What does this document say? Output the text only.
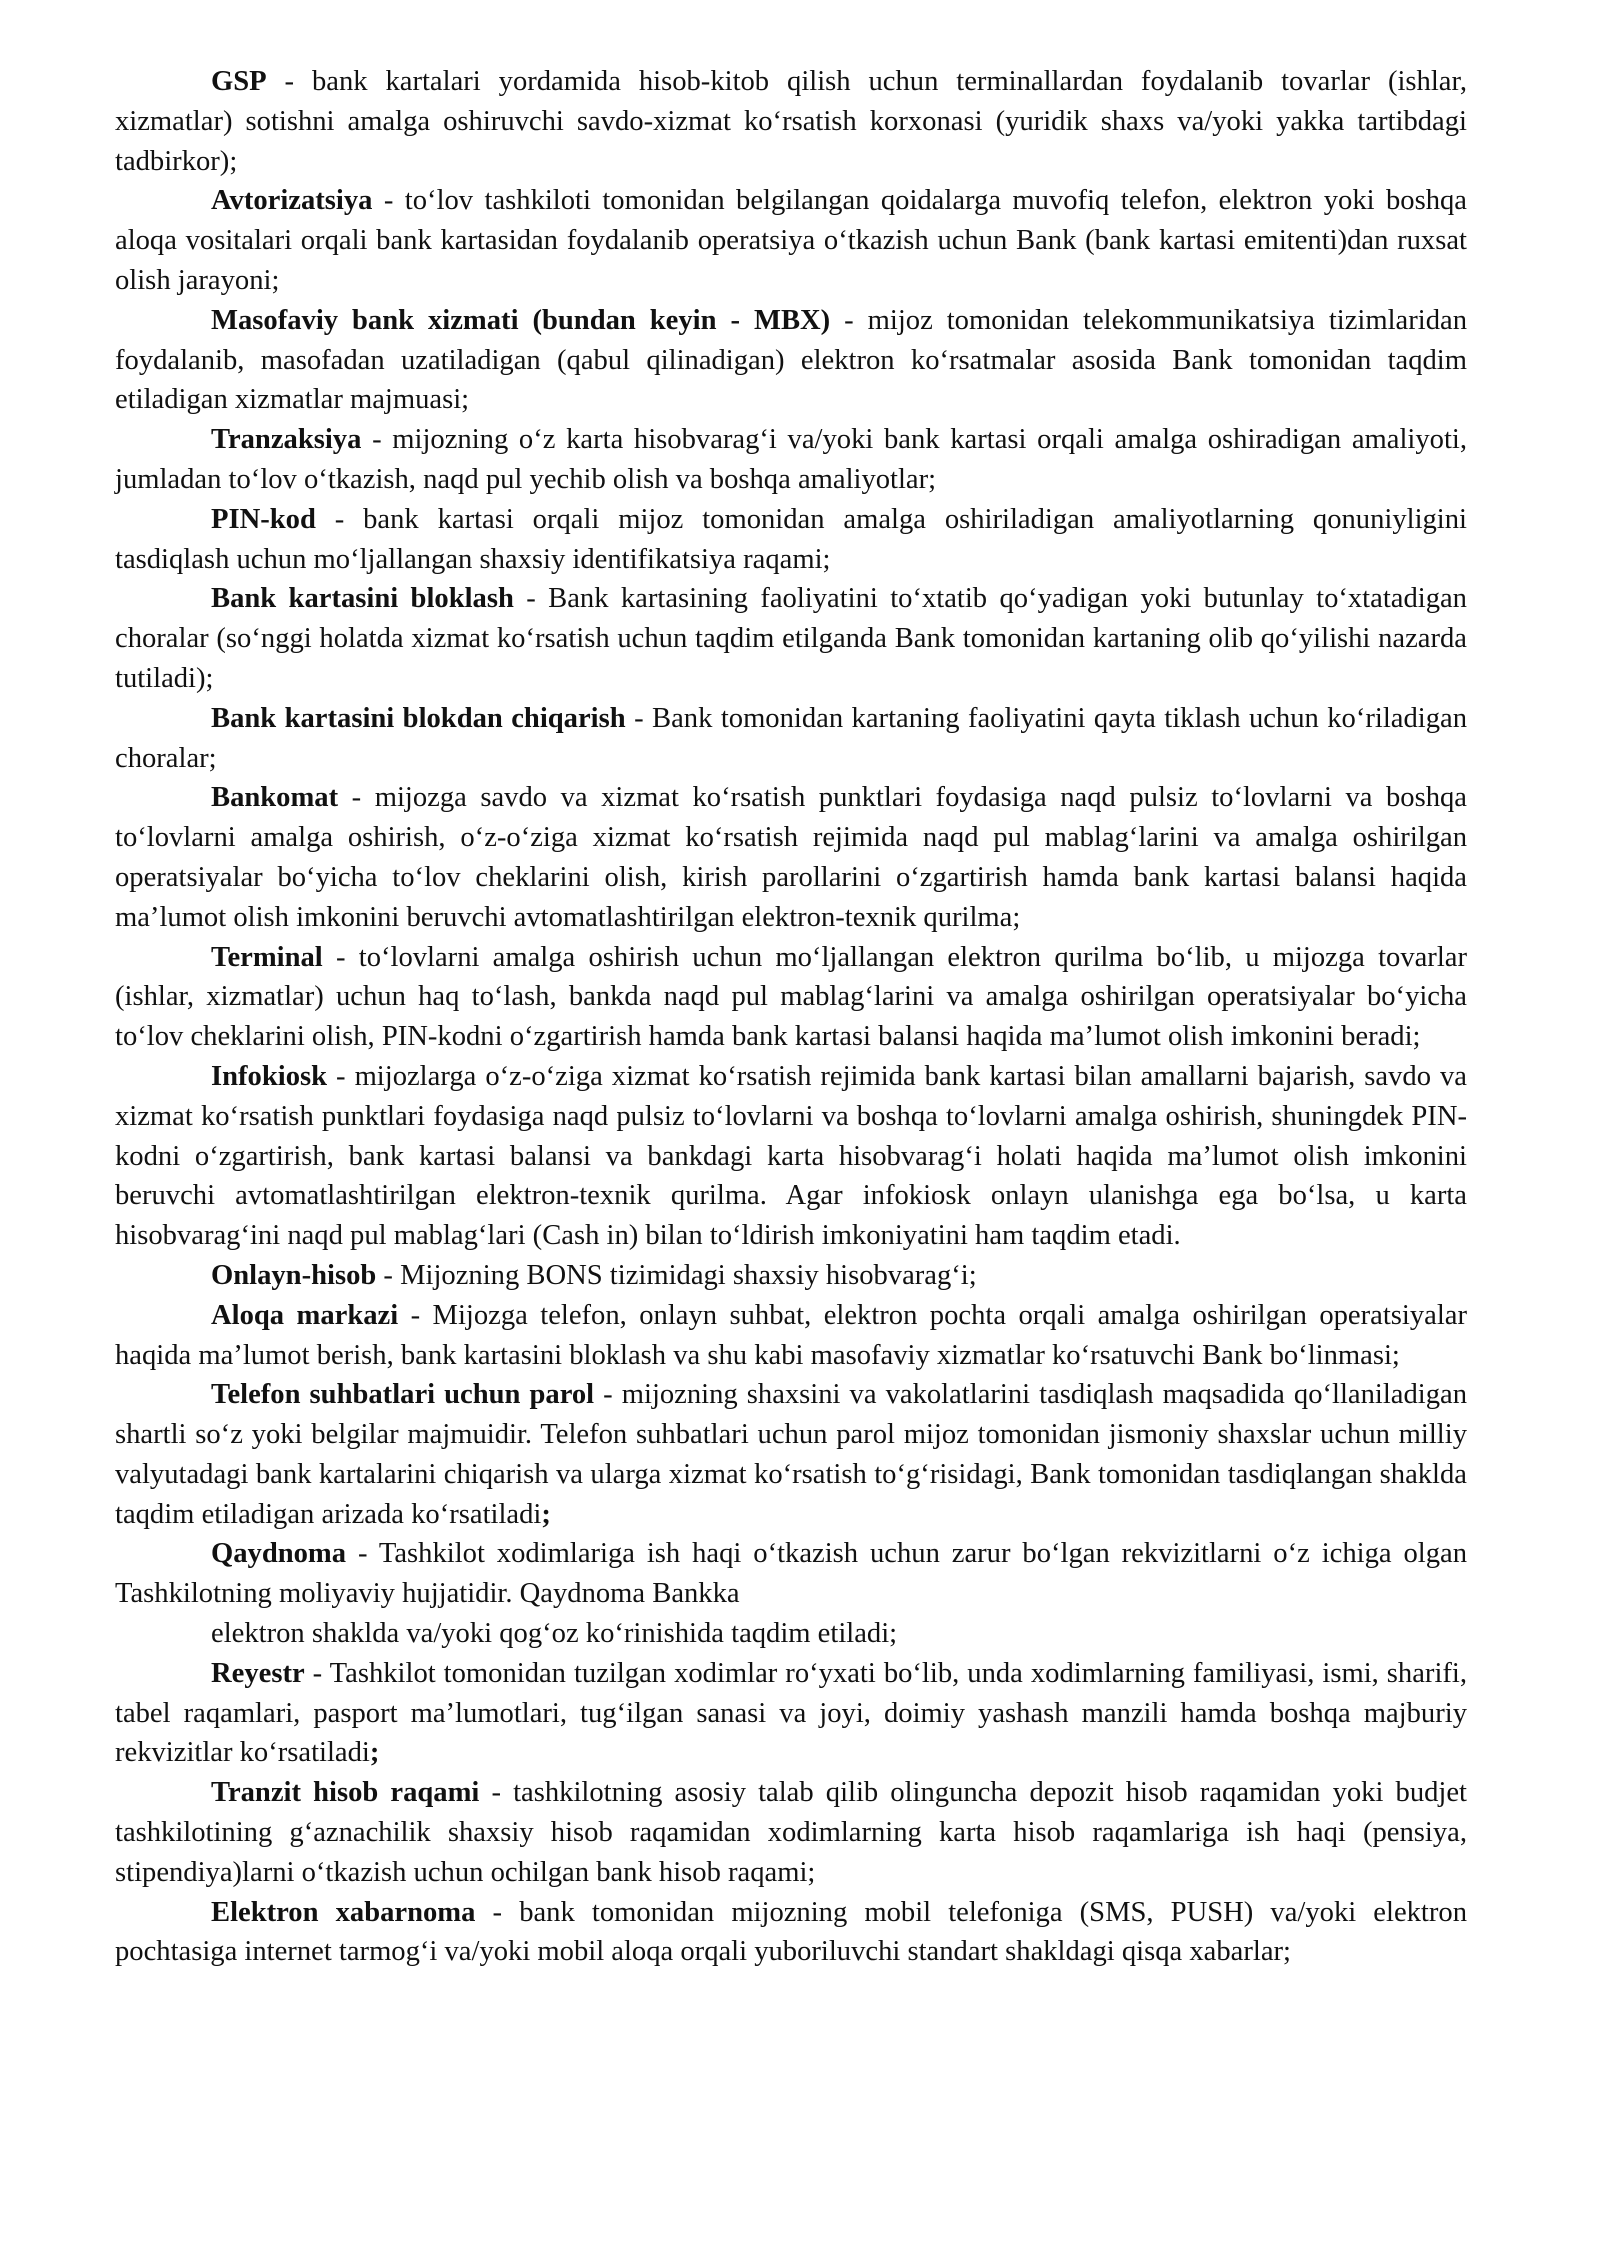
GSP - bank kartalari yordamida hisob-kitob qilish uchun terminallardan foydalanib tovarlar (ishlar, xizmatlar) sotishni amalga oshiruvchi savdo-xizmat ko‘rsatish korxonasi (yuridik shaxs va/yoki yakka tartibdagi tadbirkor);

Avtorizatsiya - to‘lov tashkiloti tomonidan belgilangan qoidalarga muvofiq telefon, elektron yoki boshqa aloqa vositalari orqali bank kartasidan foydalanib operatsiya o‘tkazish uchun Bank (bank kartasi emitenti)dan ruxsat olish jarayoni;

Masofaviy bank xizmati (bundan keyin - MBX) - mijoz tomonidan telekommunikatsiya tizimlaridan foydalanib, masofadan uzatiladigan (qabul qilinadigan) elektron ko‘rsatmalar asosida Bank tomonidan taqdim etiladigan xizmatlar majmuasi;

Tranzaksiya - mijozning o‘z karta hisobvarag‘i va/yoki bank kartasi orqali amalga oshiradigan amaliyoti, jumladan to‘lov o‘tkazish, naqd pul yechib olish va boshqa amaliyotlar;

PIN-kod - bank kartasi orqali mijoz tomonidan amalga oshiriladigan amaliyotlarning qonuniyligini tasdiqlash uchun mo‘ljallangan shaxsiy identifikatsiya raqami;

Bank kartasini bloklash - Bank kartasining faoliyatini to‘xtatib qo‘yadigan yoki butunlay to‘xtatadigan choralar (so‘nggi holatda xizmat ko‘rsatish uchun taqdim etilganda Bank tomonidan kartaning olib qo‘yilishi nazarda tutiladi);

Bank kartasini blokdan chiqarish - Bank tomonidan kartaning faoliyatini qayta tiklash uchun ko‘riladigan choralar;

Bankomat - mijozga savdo va xizmat ko‘rsatish punktlari foydasiga naqd pulsiz to‘lovlarni va boshqa to‘lovlarni amalga oshirish, o‘z-o‘ziga xizmat ko‘rsatish rejimida naqd pul mablag‘larini va amalga oshirilgan operatsiyalar bo‘yicha to‘lov cheklarini olish, kirish parollarini o‘zgartirish hamda bank kartasi balansi haqida ma’lumot olish imkonini beruvchi avtomatlashtirilgan elektron-texnik qurilma;

Terminal - to‘lovlarni amalga oshirish uchun mo‘ljallangan elektron qurilma bo‘lib, u mijozga tovarlar (ishlar, xizmatlar) uchun haq to‘lash, bankda naqd pul mablag‘larini va amalga oshirilgan operatsiyalar bo‘yicha to‘lov cheklarini olish, PIN-kodni o‘zgartirish hamda bank kartasi balansi haqida ma’lumot olish imkonini beradi;

Infokiosk - mijozlarga o‘z-o‘ziga xizmat ko‘rsatish rejimida bank kartasi bilan amallarni bajarish, savdo va xizmat ko‘rsatish punktlari foydasiga naqd pulsiz to‘lovlarni va boshqa to‘lovlarni amalga oshirish, shuningdek PIN-kodni o‘zgartirish, bank kartasi balansi va bankdagi karta hisobvarag‘i holati haqida ma’lumot olish imkonini beruvchi avtomatlashtirilgan elektron-texnik qurilma. Agar infokiosk onlayn ulanishga ega bo‘lsa, u karta hisobvarag‘ini naqd pul mablag‘lari (Cash in) bilan to‘ldirish imkoniyatini ham taqdim etadi.

Onlayn-hisob - Mijozning BONS tizimidagi shaxsiy hisobvarag‘i;

Aloqa markazi - Mijozga telefon, onlayn suhbat, elektron pochta orqali amalga oshirilgan operatsiyalar haqida ma’lumot berish, bank kartasini bloklash va shu kabi masofaviy xizmatlar ko‘rsatuvchi Bank bo‘linmasi;

Telefon suhbatlari uchun parol - mijozning shaxsini va vakolatlarini tasdiqlash maqsadida qo‘llaniladigan shartli so‘z yoki belgilar majmuidir. Telefon suhbatlari uchun parol mijoz tomonidan jismoniy shaxslar uchun milliy valyutadagi bank kartalarini chiqarish va ularga xizmat ko‘rsatish to‘g‘risidagi, Bank tomonidan tasdiqlangan shaklda taqdim etiladigan arizada ko‘rsatiladi;

Qaydnoma - Tashkilot xodimlariga ish haqi o‘tkazish uchun zarur bo‘lgan rekvizitlarni o‘z ichiga olgan Tashkilotning moliyaviy hujjatidir. Qaydnoma Bankka

elektron shaklda va/yoki qog‘oz ko‘rinishida taqdim etiladi;

Reyestr - Tashkilot tomonidan tuzilgan xodimlar ro‘yxati bo‘lib, unda xodimlarning familiyasi, ismi, sharifi, tabel raqamlari, pasport ma’lumotlari, tug‘ilgan sanasi va joyi, doimiy yashash manzili hamda boshqa majburiy rekvizitlar ko‘rsatiladi;

Tranzit hisob raqami - tashkilotning asosiy talab qilib olinguncha depozit hisob raqamidan yoki budjet tashkilotining g‘aznachilik shaxsiy hisob raqamidan xodimlarning karta hisob raqamlariga ish haqi (pensiya, stipendiya)larni o‘tkazish uchun ochilgan bank hisob raqami;

Elektron xabarnoma - bank tomonidan mijozning mobil telefoniga (SMS, PUSH) va/yoki elektron pochtasiga internet tarmog‘i va/yoki mobil aloqa orqali yuboriluvchi standart shakldagi qisqa xabarlar;
